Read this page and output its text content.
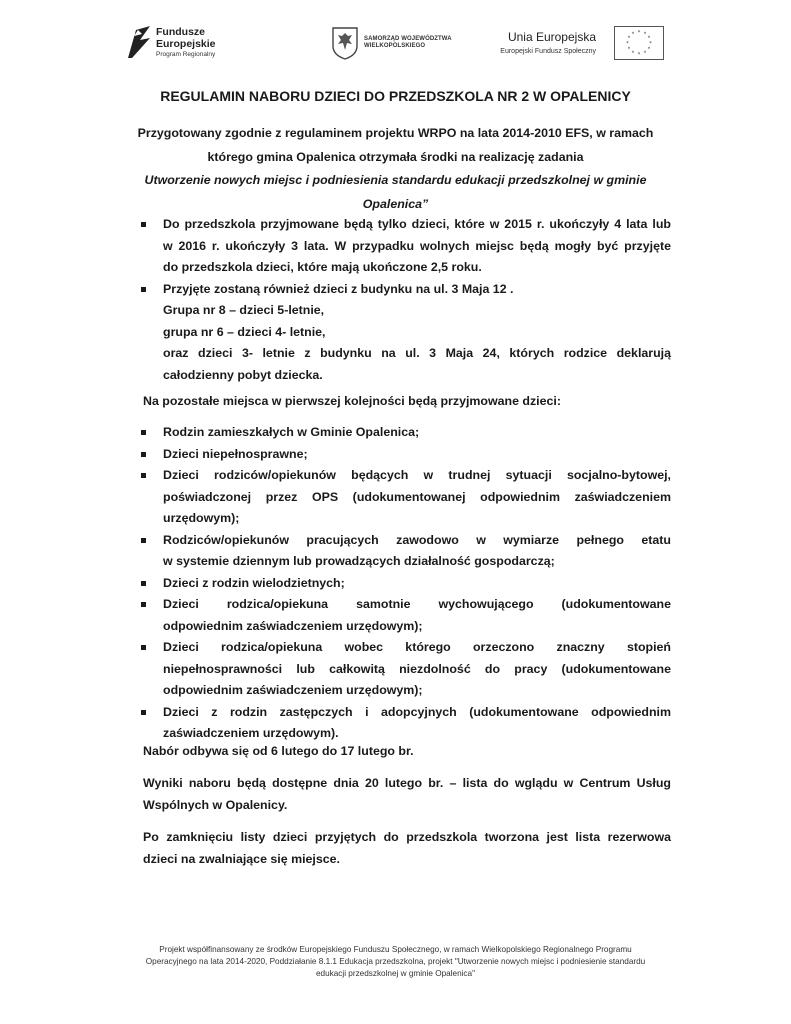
Fundusze
Europejskie
Program Regionalny
SAMORZĄD WOJEWÓDZTWA
WIELKOPOLSKIEGO
Unia Europejska
Europejski Fundusz Społeczny
* *
*
*
*
*
*
*
*
*
*
*
REGULAMIN NABORU DZIECI DO PRZEDSZKOLA NR 2 W OPALENICY
Przygotowany zgodnie z regulaminem projektu WRPO na lata 2014-2010 EFS, w ramach
którego gmina Opalenica otrzymała środki na realizację zadania
Utworzenie nowych miejsc i podniesienia standardu edukacji przedszkolnej w gminie
Opalenica”
Do przedszkola przyjmowane będą tylko dzieci, które w 2015 r. ukończyły 4 lata lub
w 2016 r. ukończyły 3 lata. W przypadku wolnych miejsc będą mogły być przyjęte
do przedszkola dzieci, które mają ukończone 2,5 roku.
Przyjęte zostaną również dzieci z budynku na ul. 3 Maja 12 .
Grupa nr 8 – dzieci 5-letnie,
grupa nr 6 – dzieci 4- letnie,
oraz dzieci 3- letnie z budynku na ul. 3 Maja 24, których rodzice deklarują
całodzienny pobyt dziecka.
Na pozostałe miejsca w pierwszej kolejności będą przyjmowane dzieci:
Rodzin zamieszkałych w Gminie Opalenica;
Dzieci niepełnosprawne;
Dzieci rodziców/opiekunów będących w trudnej sytuacji socjalno-bytowej,
poświadczonej przez OPS (udokumentowanej odpowiednim zaświadczeniem
urzędowym);
Rodziców/opiekunów pracujących zawodowo w wymiarze pełnego etatu
w systemie dziennym lub prowadzących działalność gospodarczą;
Dzieci z rodzin wielodzietnych;
Dzieci rodzica/opiekuna samotnie wychowującego (udokumentowane
odpowiednim zaświadczeniem urzędowym);
Dzieci rodzica/opiekuna wobec którego orzeczono znaczny stopień
niepełnosprawności lub całkowitą niezdolność do pracy (udokumentowane
odpowiednim zaświadczeniem urzędowym);
Dzieci z rodzin zastępczych i adopcyjnych (udokumentowane odpowiednim
zaświadczeniem urzędowym).
Nabór odbywa się od 6 lutego do 17 lutego br.
Wyniki naboru będą dostępne dnia 20 lutego br. – lista do wglądu w Centrum Usług
Wspólnych w Opalenicy.
Po zamknięciu listy dzieci przyjętych do przedszkola tworzona jest lista rezerwowa
dzieci na zwalniające się miejsce.
Projekt współfinansowany ze środków Europejskiego Funduszu Społecznego, w ramach Wielkopolskiego Regionalnego Programu
Operacyjnego na lata 2014-2020, Poddziałanie 8.1.1 Edukacja przedszkolna, projekt "Utworzenie nowych miejsc i podniesienie standardu
edukacji przedszkolnej w gminie Opalenica"
